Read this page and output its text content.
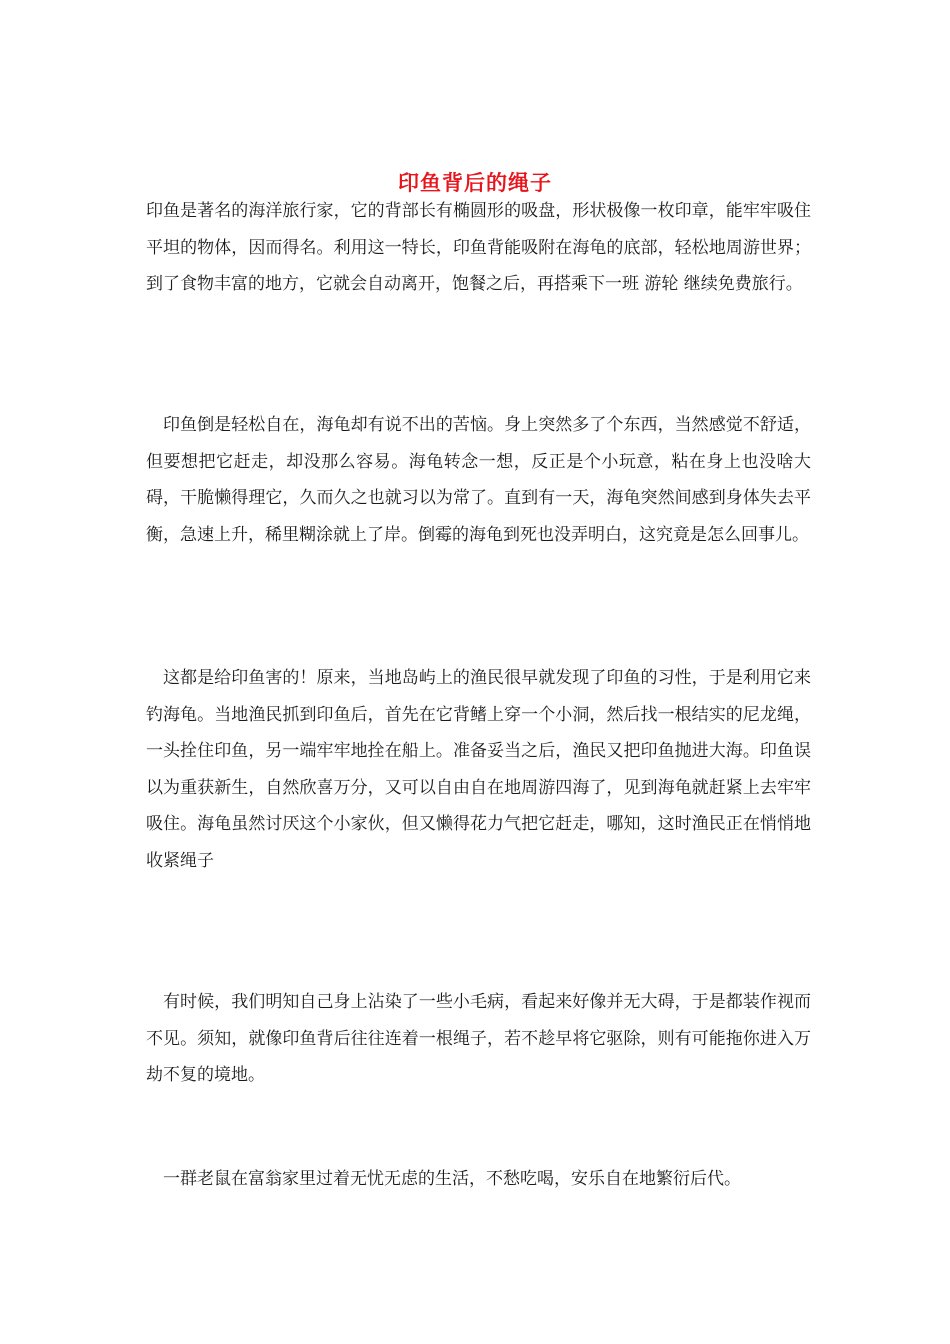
印鱼背后的绳子

印鱼是著名的海洋旅行家，它的背部长有椭圆形的吸盘，形状极像一枚印章，能牢牢吸住平坦的物体，因而得名。利用这一特长，印鱼背能吸附在海龟的底部，轻松地周游世界；到了食物丰富的地方，它就会自动离开，饱餐之后，再搭乘下一班 游轮 继续免费旅行。

印鱼倒是轻松自在，海龟却有说不出的苦恼。身上突然多了个东西，当然感觉不舒适，但要想把它赶走，却没那么容易。海龟转念一想，反正是个小玩意，粘在身上也没啥大碍，干脆懒得理它，久而久之也就习以为常了。直到有一天，海龟突然间感到身体失去平衡，急速上升，稀里糊涂就上了岸。倒霉的海龟到死也没弄明白，这究竟是怎么回事儿。

这都是给印鱼害的！原来，当地岛屿上的渔民很早就发现了印鱼的习性，于是利用它来钓海龟。当地渔民抓到印鱼后，首先在它背鳍上穿一个小洞，然后找一根结实的尼龙绳，一头拴住印鱼，另一端牢牢地拴在船上。准备妥当之后，渔民又把印鱼抛进大海。印鱼误以为重获新生，自然欣喜万分，又可以自由自在地周游四海了，见到海龟就赶紧上去牢牢吸住。海龟虽然讨厌这个小家伙，但又懒得花力气把它赶走，哪知，这时渔民正在悄悄地收紧绳子

有时候，我们明知自己身上沾染了一些小毛病，看起来好像并无大碍，于是都装作视而不见。须知，就像印鱼背后往往连着一根绳子，若不趁早将它驱除，则有可能拖你进入万劫不复的境地。

一群老鼠在富翁家里过着无忧无虑的生活，不愁吃喝，安乐自在地繁衍后代。
